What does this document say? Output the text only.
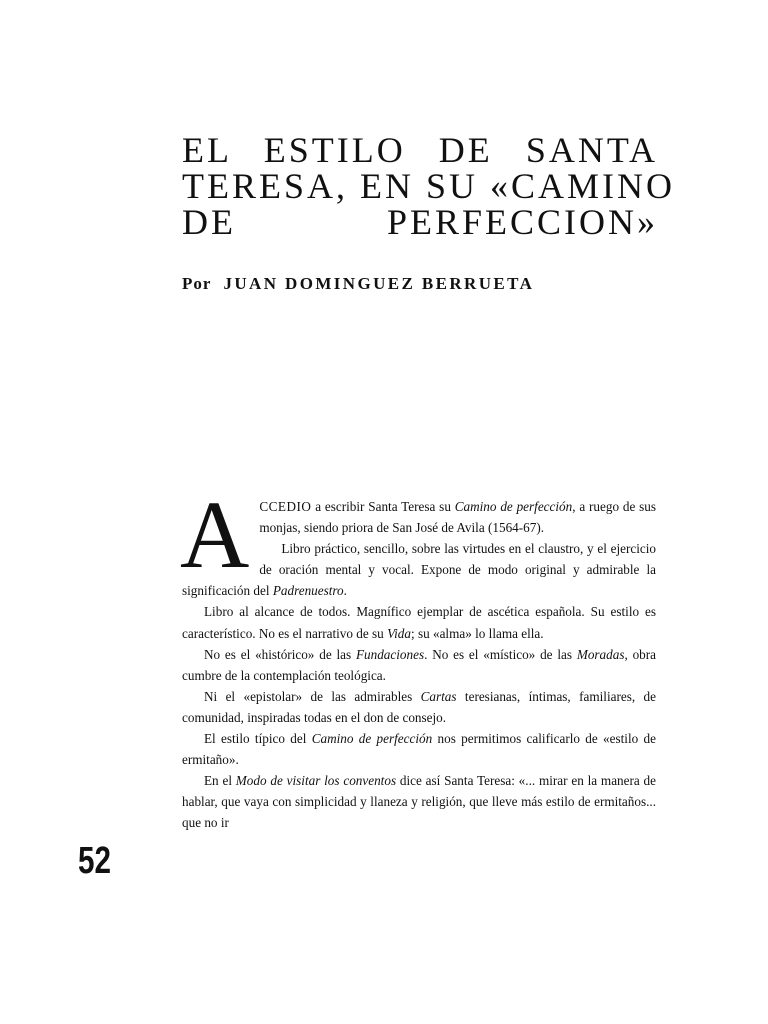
EL ESTILO DE SANTA
TERESA, EN SU «CAMINO
DE PERFECCION»
Por JUAN DOMINGUEZ BERRUETA
A CCEDIO a escribir Santa Teresa su Camino de perfección, a ruego de sus monjas, siendo priora de San José de Avila (1564-67).

Libro práctico, sencillo, sobre las virtudes en el claustro, y el ejercicio de oración mental y vocal. Expone de modo original y admirable la significación del Padrenuestro.

Libro al alcance de todos. Magnífico ejemplar de ascética española. Su estilo es característico. No es el narrativo de su Vida; su «alma» lo llama ella.

No es el «histórico» de las Fundaciones. No es el «místico» de las Moradas, obra cumbre de la contemplación teológica.

Ni el «epistolar» de las admirables Cartas teresianas, íntimas, familiares, de comunidad, inspiradas todas en el don de consejo.

El estilo típico del Camino de perfección nos permitimos calificarlo de «estilo de ermitaño».

En el Modo de visitar los conventos dice así Santa Teresa: «... mirar en la manera de hablar, que vaya con simplicidad y llaneza y religión, que lleve más estilo de ermitaños... que no ir

52
